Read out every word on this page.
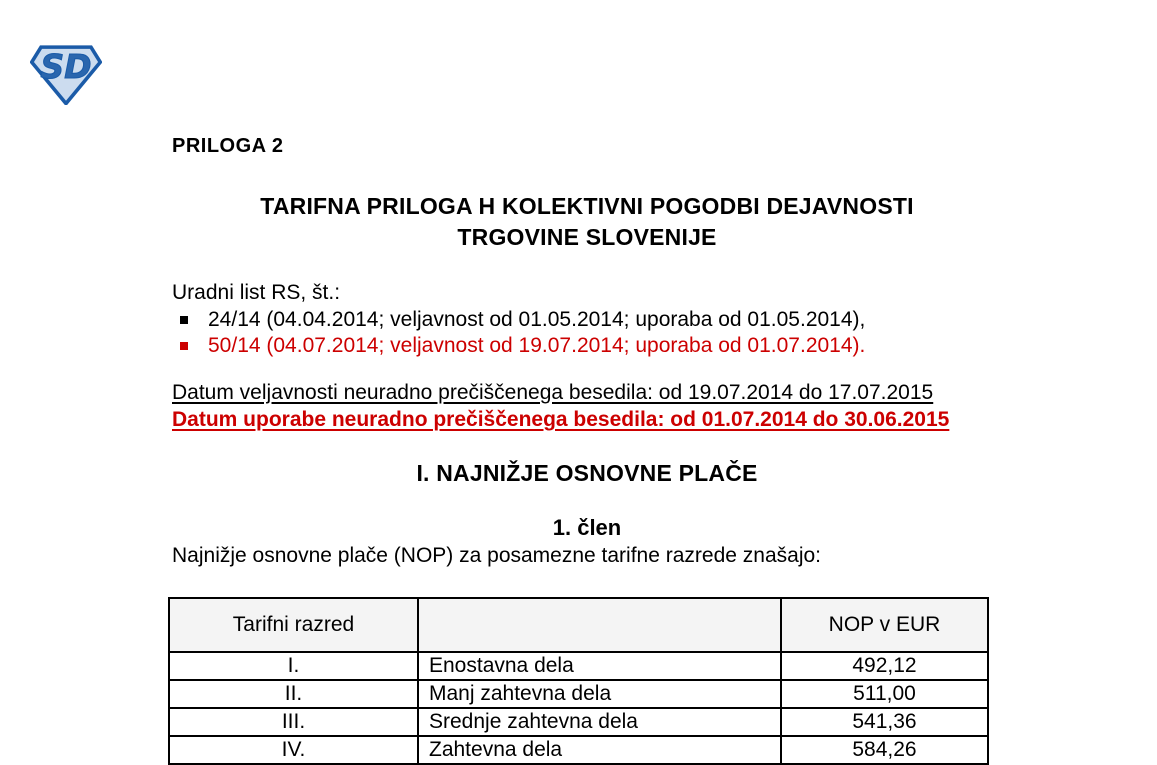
SD
PRILOGA 2
TARIFNA PRILOGA H KOLEKTIVNI POGODBI DEJAVNOSTI
TRGOVINE SLOVENIJE
Uradni list RS, št.:
24/14 (04.04.2014; veljavnost od 01.05.2014; uporaba od 01.05.2014),
50/14 (04.07.2014; veljavnost od 19.07.2014; uporaba od 01.07.2014).
Datum veljavnosti neuradno prečiščenega besedila: od 19.07.2014 do 17.07.2015
Datum uporabe neuradno prečiščenega besedila: od 01.07.2014 do 30.06.2015
I. NAJNIŽJE OSNOVNE PLAČE
1. člen
Najnižje osnovne plače (NOP) za posamezne tarifne razrede znašajo:
Tarifni razred		NOP v EUR
I.	Enostavna dela	492,12
II.	Manj zahtevna dela	511,00
III.	Srednje zahtevna dela	541,36
IV.	Zahtevna dela	584,26
